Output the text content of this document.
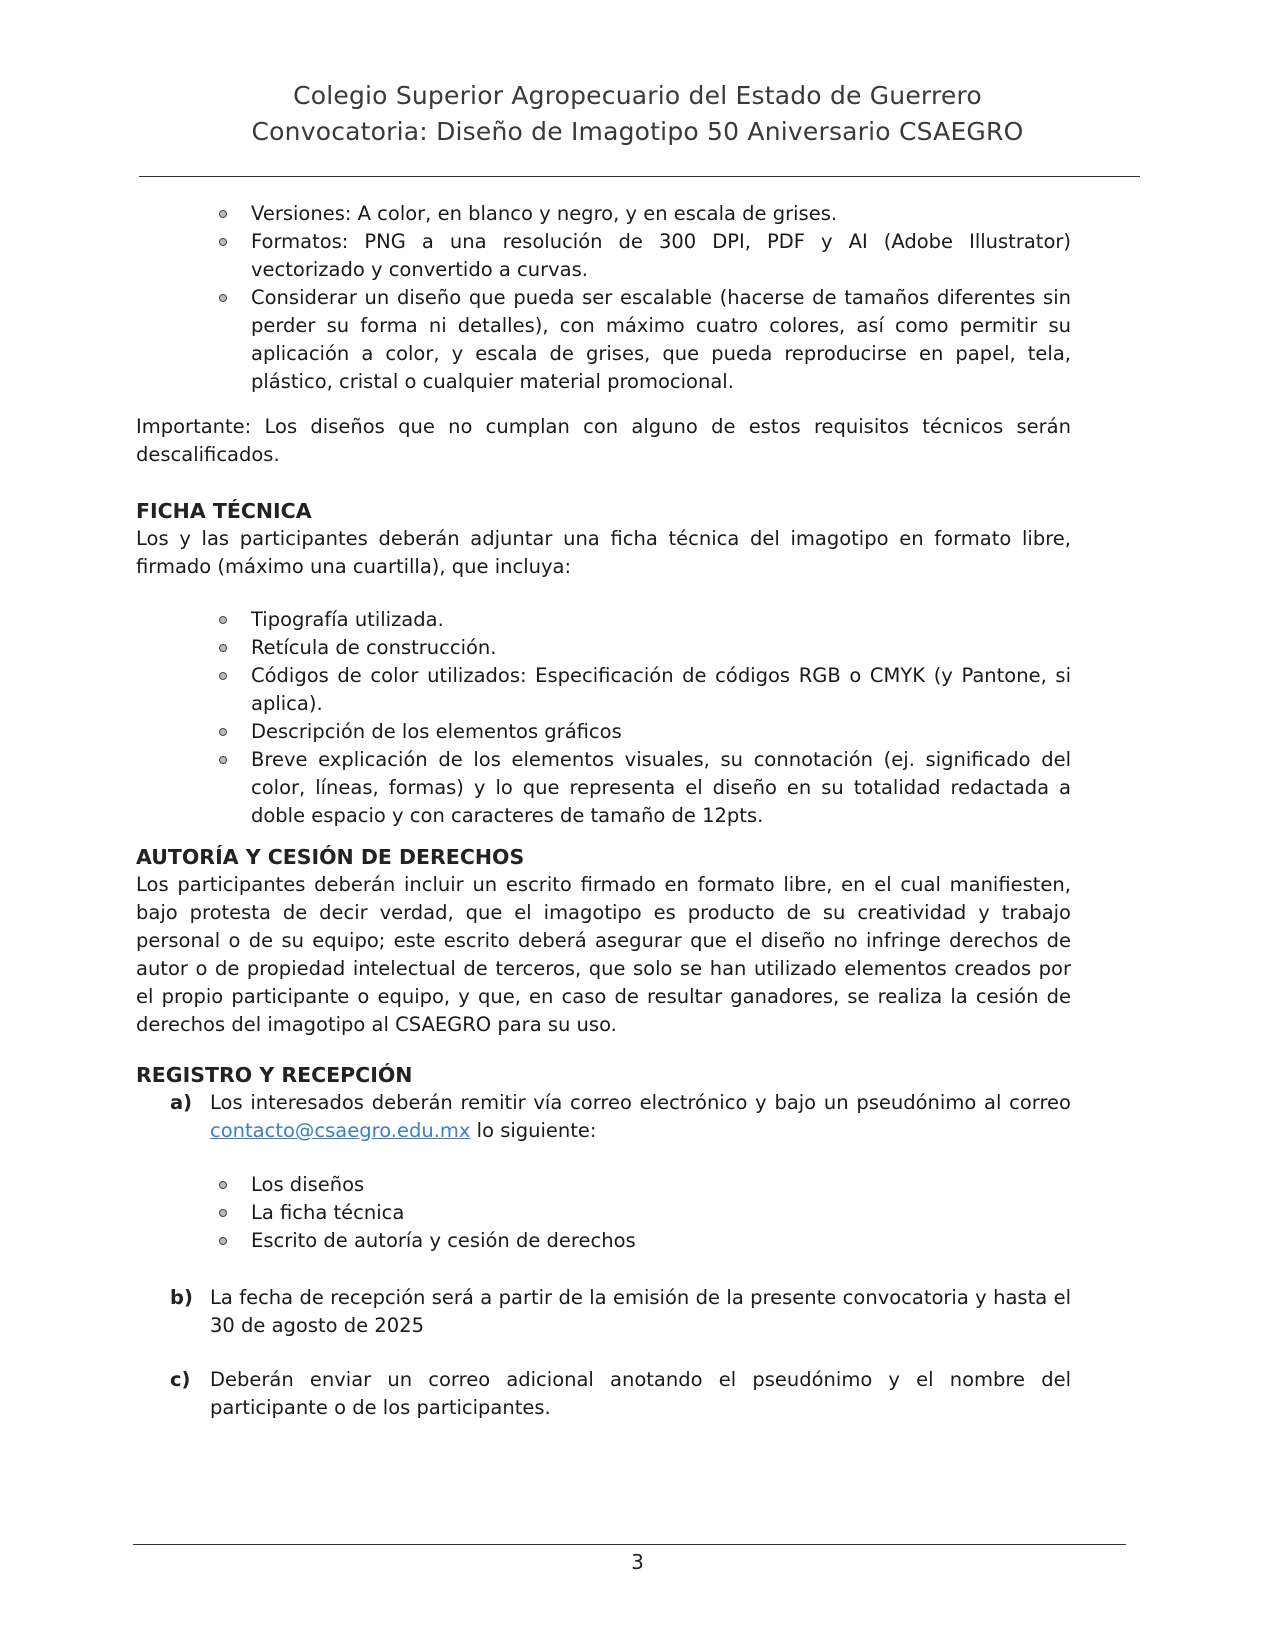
Colegio Superior Agropecuario del Estado de Guerrero
Convocatoria: Diseño de Imagotipo 50 Aniversario CSAEGRO
Versiones: A color, en blanco y negro, y en escala de grises.
Formatos: PNG a una resolución de 300 DPI, PDF y AI (Adobe Illustrator) vectorizado y convertido a curvas.
Considerar un diseño que pueda ser escalable (hacerse de tamaños diferentes sin perder su forma ni detalles), con máximo cuatro colores, así como permitir su aplicación a color, y escala de grises, que pueda reproducirse en papel, tela, plástico, cristal o cualquier material promocional.
Importante: Los diseños que no cumplan con alguno de estos requisitos técnicos serán descalificados.
FICHA TÉCNICA
Los y las participantes deberán adjuntar una ficha técnica del imagotipo en formato libre, firmado (máximo una cuartilla), que incluya:
Tipografía utilizada.
Retícula de construcción.
Códigos de color utilizados: Especificación de códigos RGB o CMYK (y Pantone, si aplica).
Descripción de los elementos gráficos
Breve explicación de los elementos visuales, su connotación (ej. significado del color, líneas, formas) y lo que representa el diseño en su totalidad redactada a doble espacio y con caracteres de tamaño de 12pts.
AUTORÍA Y CESIÓN DE DERECHOS
Los participantes deberán incluir un escrito firmado en formato libre, en el cual manifiesten, bajo protesta de decir verdad, que el imagotipo es producto de su creatividad y trabajo personal o de su equipo; este escrito deberá asegurar que el diseño no infringe derechos de autor o de propiedad intelectual de terceros, que solo se han utilizado elementos creados por el propio participante o equipo, y que, en caso de resultar ganadores, se realiza la cesión de derechos del imagotipo al CSAEGRO para su uso.
REGISTRO Y RECEPCIÓN
a) Los interesados deberán remitir vía correo electrónico y bajo un pseudónimo al correo contacto@csaegro.edu.mx lo siguiente:
Los diseños
La ficha técnica
Escrito de autoría y cesión de derechos
b) La fecha de recepción será a partir de la emisión de la presente convocatoria y hasta el 30 de agosto de 2025
c) Deberán enviar un correo adicional anotando el pseudónimo y el nombre del participante o de los participantes.
3
